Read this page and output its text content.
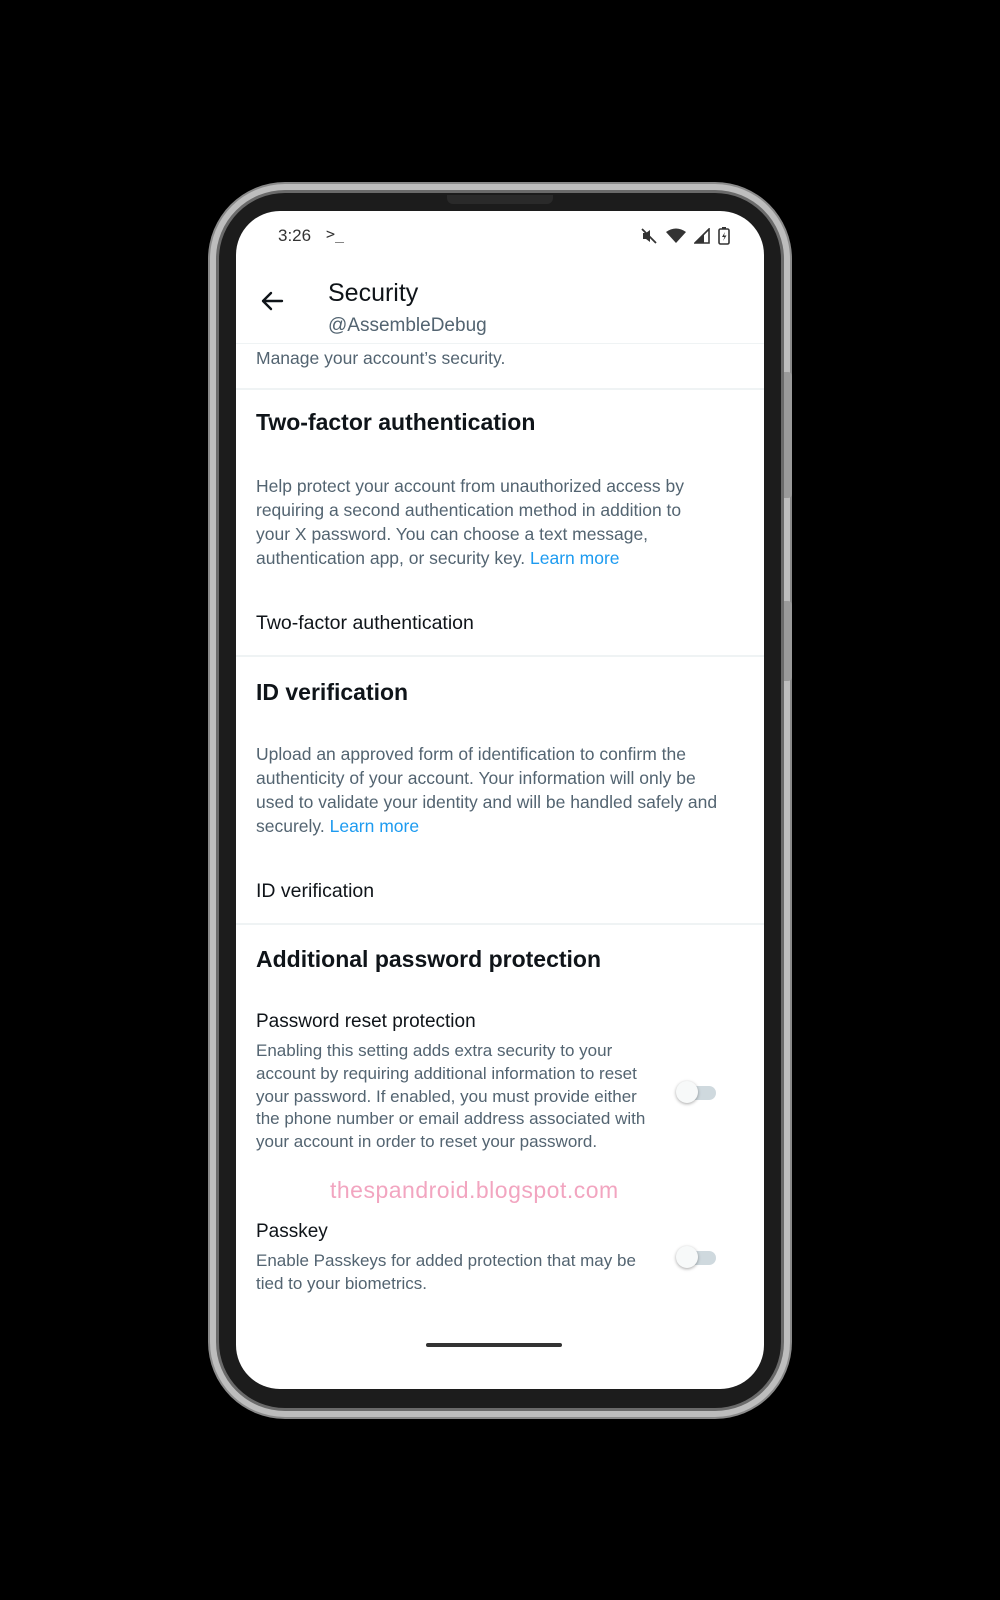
3:26 >_
Security
@AssembleDebug
Manage your account’s security.
Two-factor authentication
Help protect your account from unauthorized access by requiring a second authentication method in addition to your X password. You can choose a text message, authentication app, or security key. Learn more
Two-factor authentication
ID verification
Upload an approved form of identification to confirm the authenticity of your account. Your information will only be used to validate your identity and will be handled safely and securely. Learn more
ID verification
Additional password protection
Password reset protection
Enabling this setting adds extra security to your account by requiring additional information to reset your password. If enabled, you must provide either the phone number or email address associated with your account in order to reset your password.
thespandroid.blogspot.com
Passkey
Enable Passkeys for added protection that may be tied to your biometrics.
